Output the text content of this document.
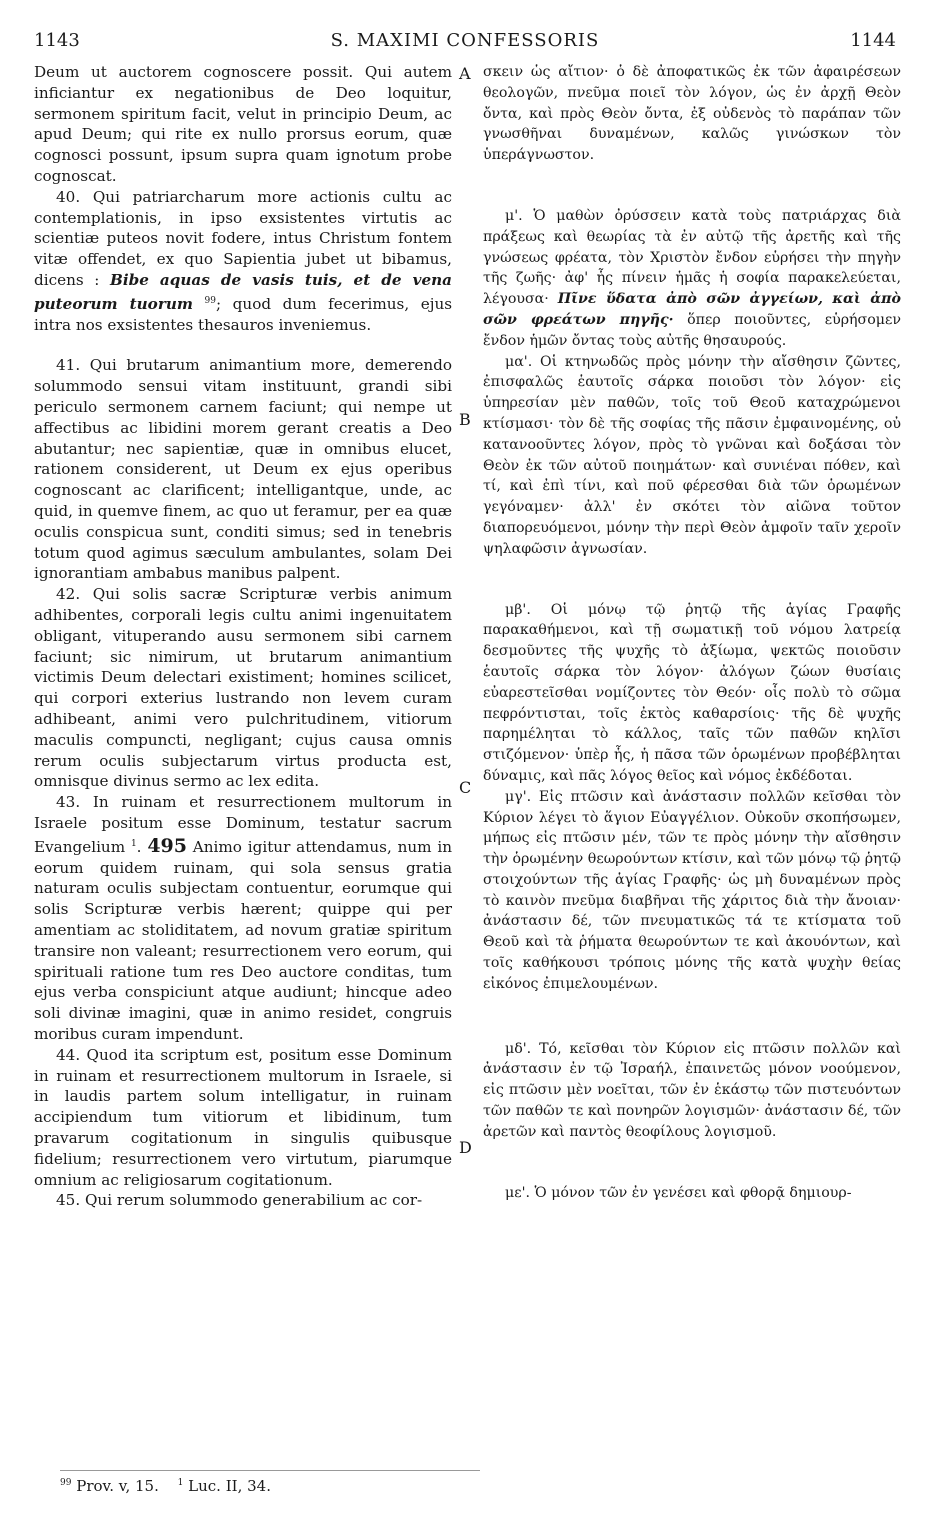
1143	S. MAXIMI CONFESSORIS	1144
A
B
C
D

Deum ut auctorem cognoscere possit. Qui autem inficiantur ex negationibus de Deo loquitur, sermonem spiritum facit, velut in principio Deum, ac apud Deum; qui rite ex nullo prorsus eorum, quæ cognosci possunt, ipsum supra quam ignotum probe cognoscat.

40. Qui patriarcharum more actionis cultu ac contemplationis, in ipso exsistentes virtutis ac scientiæ puteos novit fodere, intus Christum fontem vitæ offendet, ex quo Sapientia jubet ut bibamus, dicens : Bibe aquas de vasis tuis, et de vena puteorum tuorum $^{99}$; quod dum fecerimus, ejus intra nos exsistentes thesauros inveniemus.

41. Qui brutarum animantium more, demerendo solummodo sensui vitam instituunt, grandi sibi periculo sermonem carnem faciunt; qui nempe ut affectibus ac libidini morem gerant creatis a Deo abutantur; nec sapientiæ, quæ in omnibus elucet, rationem considerent, ut Deum ex ejus operibus cognoscant ac clarificent; intelligantque, unde, ac quid, in quemve finem, ac quo ut feramur, per ea quæ oculis conspicua sunt, conditi simus; sed in tenebris totum quod agimus sæculum ambulantes, solam Dei ignorantiam ambabus manibus palpent.

42. Qui solis sacræ Scripturæ verbis animum adhibentes, corporali legis cultu animi ingenuitatem obligant, vituperando ausu sermonem sibi carnem faciunt; sic nimirum, ut brutarum animantium victimis Deum delectari existiment; homines scilicet, qui corpori exterius lustrando non levem curam adhibeant, animi vero pulchritudinem, vitiorum maculis compuncti, negligant; cujus causa omnis rerum oculis subjectarum virtus producta est, omnisque divinus sermo ac lex edita.

43. In ruinam et resurrectionem multorum in Israele positum esse Dominum, testatur sacrum Evangelium $^1$. 495 Animo igitur attendamus, num in eorum quidem ruinam, qui sola sensus gratia naturam oculis subjectam contuentur, eorumque qui solis Scripturæ verbis hærent; quippe qui per amentiam ac stoliditatem, ad novum gratiæ spiritum transire non valeant; resurrectionem vero eorum, qui spirituali ratione tum res Deo auctore conditas, tum ejus verba conspiciunt atque audiunt; hincque adeo soli divinæ imagini, quæ in animo residet, congruis moribus curam impendunt.

44. Quod ita scriptum est, positum esse Dominum in ruinam et resurrectionem multorum in Israele, si in laudis partem solum intelligatur, in ruinam accipiendum tum vitiorum et libidinum, tum pravarum cogitationum in singulis quibusque fidelium; resurrectionem vero virtutum, piarumque omnium ac religiosarum cogitationum.

45. Qui rerum solummodo generabilium ac cor-

σκειν ὡς αἴτιον· ὁ δὲ ἀποφατικῶς ἐκ τῶν ἀφαιρέσεων θεολογῶν, πνεῦμα ποιεῖ τὸν λόγον, ὡς ἐν ἀρχῇ Θεὸν ὄντα, καὶ πρὸς Θεὸν ὄντα, ἐξ οὐδενὸς τὸ παράπαν τῶν γνωσθῆναι δυναμένων, καλῶς γινώσκων τὸν ὑπεράγνωστον.

μ'. Ὁ μαθὼν ὀρύσσειν κατὰ τοὺς πατριάρχας διὰ πράξεως καὶ θεωρίας τὰ ἐν αὐτῷ τῆς ἀρετῆς καὶ τῆς γνώσεως φρέατα, τὸν Χριστὸν ἔνδον εὑρήσει τὴν πηγὴν τῆς ζωῆς· ἀφ' ἧς πίνειν ἡμᾶς ἡ σοφία παρακελεύεται, λέγουσα· Πῖνε ὕδατα ἀπὸ σῶν ἀγγείων, καὶ ἀπὸ σῶν φρεάτων πηγῆς· ὅπερ ποιοῦντες, εὑρήσομεν ἔνδον ἡμῶν ὄντας τοὺς αὐτῆς θησαυρούς.

μα'. Οἱ κτηνωδῶς πρὸς μόνην τὴν αἴσθησιν ζῶντες, ἐπισφαλῶς ἑαυτοῖς σάρκα ποιοῦσι τὸν λόγον· εἰς ὑπηρεσίαν μὲν παθῶν, τοῖς τοῦ Θεοῦ καταχρώμενοι κτίσμασι· τὸν δὲ τῆς σοφίας τῆς πᾶσιν ἐμφαινομένης, οὐ κατανοοῦντες λόγον, πρὸς τὸ γνῶναι καὶ δοξάσαι τὸν Θεὸν ἐκ τῶν αὐτοῦ ποιημάτων· καὶ συνιέναι πόθεν, καὶ τί, καὶ ἐπὶ τίνι, καὶ ποῦ φέρεσθαι διὰ τῶν ὁρωμένων γεγόναμεν· ἀλλ' ἐν σκότει τὸν αἰῶνα τοῦτον διαπορευόμενοι, μόνην τὴν περὶ Θεὸν ἀμφοῖν ταῖν χεροῖν ψηλαφῶσιν ἀγνωσίαν.

μβ'. Οἱ μόνῳ τῷ ῥητῷ τῆς ἁγίας Γραφῆς παρακαθήμενοι, καὶ τῇ σωματικῇ τοῦ νόμου λατρείᾳ δεσμοῦντες τῆς ψυχῆς τὸ ἀξίωμα, ψεκτῶς ποιοῦσιν ἑαυτοῖς σάρκα τὸν λόγον· ἀλόγων ζώων θυσίαις εὐαρεστεῖσθαι νομίζοντες τὸν Θεόν· οἷς πολὺ τὸ σῶμα πεφρόντισται, τοῖς ἐκτὸς καθαρσίοις· τῆς δὲ ψυχῆς παρημέληται τὸ κάλλος, ταῖς τῶν παθῶν κηλῖσι στιζόμενον· ὑπὲρ ἧς, ἡ πᾶσα τῶν ὁρωμένων προβέβληται δύναμις, καὶ πᾶς λόγος θεῖος καὶ νόμος ἐκδέδοται.

μγ'. Εἰς πτῶσιν καὶ ἀνάστασιν πολλῶν κεῖσθαι τὸν Κύριον λέγει τὸ ἅγιον Εὐαγγέλιον. Οὐκοῦν σκοπήσωμεν, μήπως εἰς πτῶσιν μέν, τῶν τε πρὸς μόνην τὴν αἴσθησιν τὴν ὁρωμένην θεωρούντων κτίσιν, καὶ τῶν μόνῳ τῷ ῥητῷ στοιχούντων τῆς ἁγίας Γραφῆς· ὡς μὴ δυναμένων πρὸς τὸ καινὸν πνεῦμα διαβῆναι τῆς χάριτος διὰ τὴν ἄνοιαν· ἀνάστασιν δέ, τῶν πνευματικῶς τά τε κτίσματα τοῦ Θεοῦ καὶ τὰ ῥήματα θεωρούντων τε καὶ ἀκουόντων, καὶ τοῖς καθήκουσι τρόποις μόνης τῆς κατὰ ψυχὴν θείας εἰκόνος ἐπιμελουμένων.

μδ'. Τό, κεῖσθαι τὸν Κύριον εἰς πτῶσιν πολλῶν καὶ ἀνάστασιν ἐν τῷ Ἰσραήλ, ἐπαινετῶς μόνον νοούμενον, εἰς πτῶσιν μὲν νοεῖται, τῶν ἐν ἑκάστῳ τῶν πιστευόντων τῶν παθῶν τε καὶ πονηρῶν λογισμῶν· ἀνάστασιν δέ, τῶν ἀρετῶν καὶ παντὸς θεοφίλους λογισμοῦ.

με'. Ὁ μόνον τῶν ἐν γενέσει καὶ φθορᾷ δημιουρ-

$^{99}$ Prov. v, 15. $^1$ Luc. II, 34.
